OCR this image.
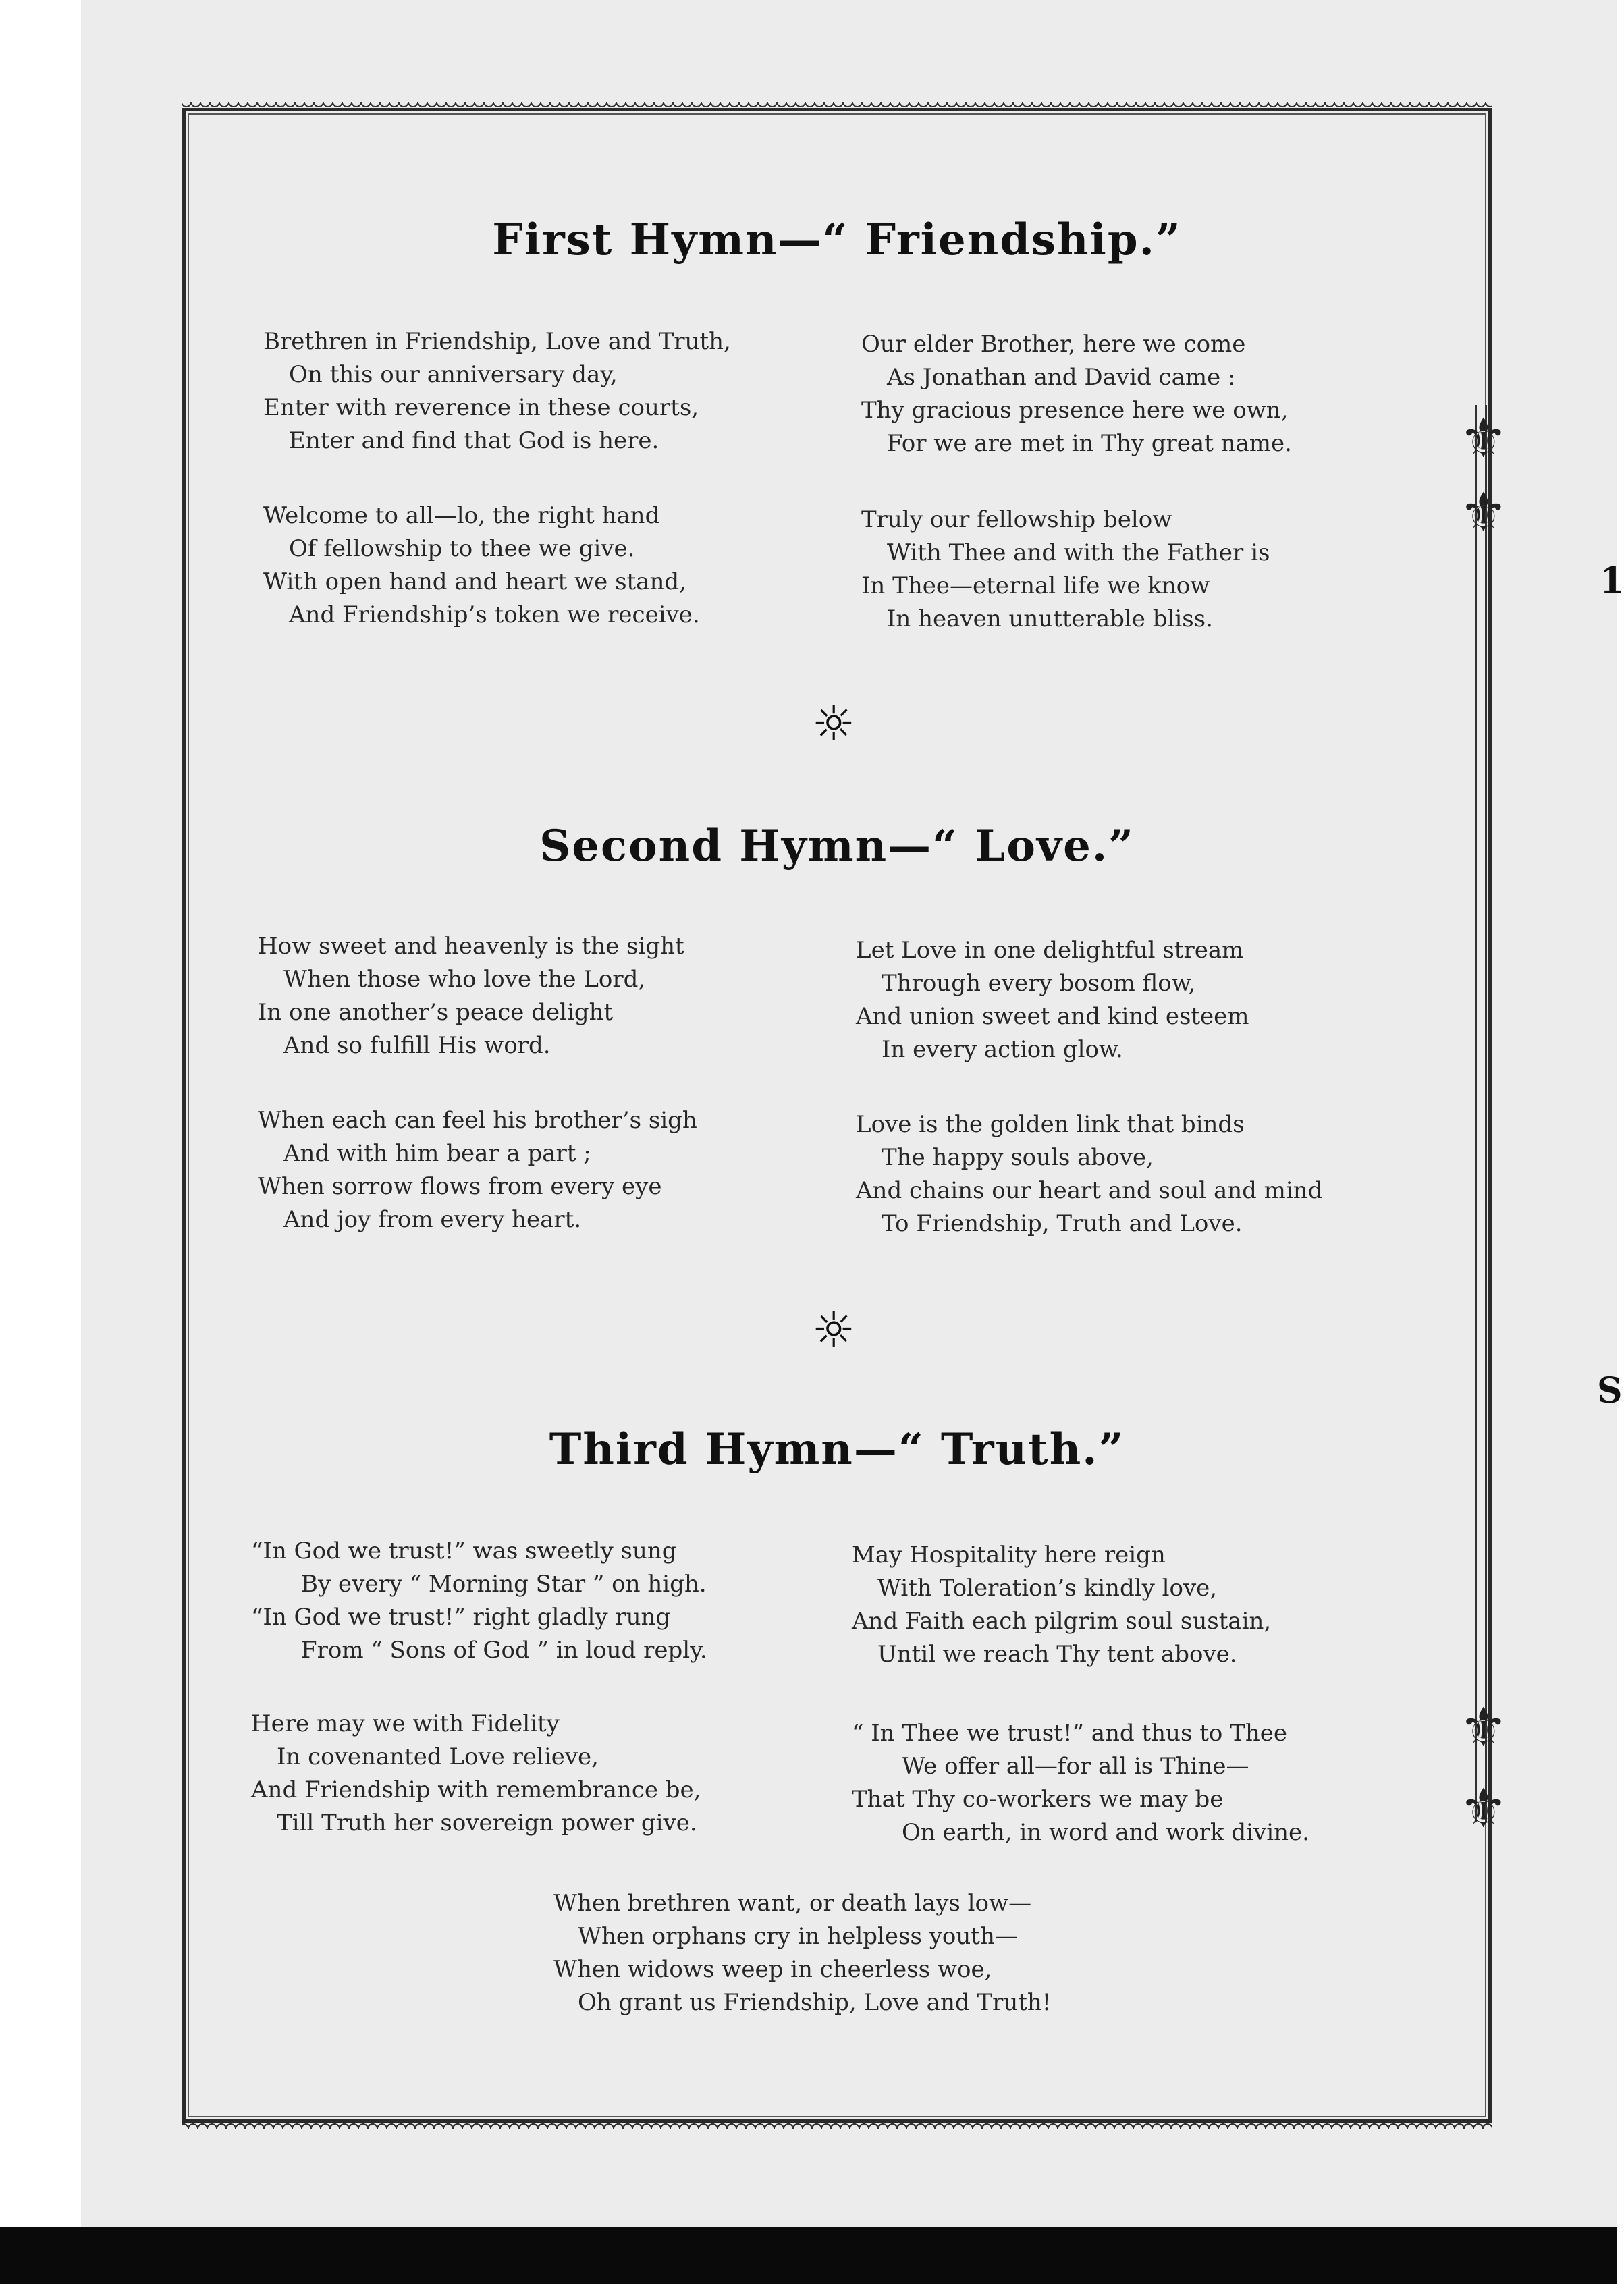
⚜
⚜
⚜
⚜
1
S
First Hymn—“ Friendship.”
Brethren in Friendship, Love and Truth,
On this our anniversary day,
Enter with reverence in these courts,
Enter and find that God is here.
Welcome to all—lo, the right hand
Of fellowship to thee we give.
With open hand and heart we stand,
And Friendship’s token we receive.
Our elder Brother, here we come
As Jonathan and David came :
Thy gracious presence here we own,
For we are met in Thy great name.
Truly our fellowship below
With Thee and with the Father is
In Thee—eternal life we know
In heaven unutterable bliss.
☼
Second Hymn—“ Love.”
How sweet and heavenly is the sight
When those who love the Lord,
In one another’s peace delight
And so fulfill His word.
When each can feel his brother’s sigh
And with him bear a part ;
When sorrow flows from every eye
And joy from every heart.
Let Love in one delightful stream
Through every bosom flow,
And union sweet and kind esteem
In every action glow.
Love is the golden link that binds
The happy souls above,
And chains our heart and soul and mind
To Friendship, Truth and Love.
☼
Third Hymn—“ Truth.”
“In God we trust!” was sweetly sung
By every “ Morning Star ” on high.
“In God we trust!” right gladly rung
From “ Sons of God ” in loud reply.
Here may we with Fidelity
In covenanted Love relieve,
And Friendship with remembrance be,
Till Truth her sovereign power give.
May Hospitality here reign
With Toleration’s kindly love,
And Faith each pilgrim soul sustain,
Until we reach Thy tent above.
“ In Thee we trust!” and thus to Thee
We offer all—for all is Thine—
That Thy co-workers we may be
On earth, in word and work divine.
When brethren want, or death lays low—
When orphans cry in helpless youth—
When widows weep in cheerless woe,
Oh grant us Friendship, Love and Truth!
